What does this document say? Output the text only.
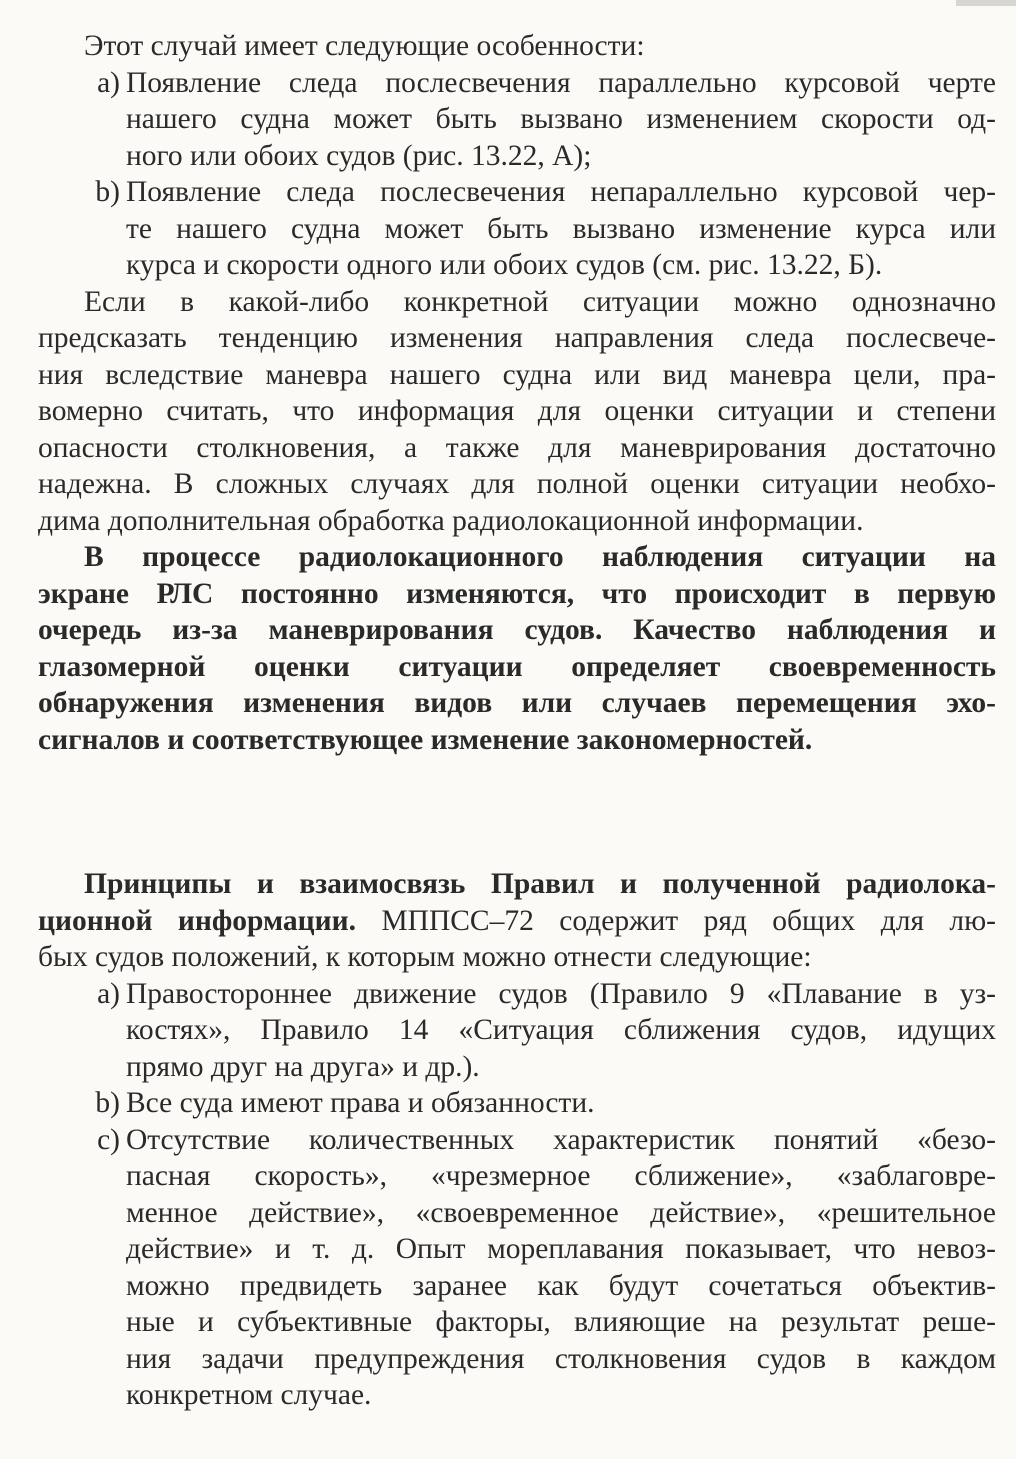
Этот случай имеет следующие особенности:
a) Появление следа послесвечения параллельно курсовой черте
нашего судна может быть вызвано изменением скорости од-
ного или обоих судов (рис. 13.22, А);
b) Появление следа послесвечения непараллельно курсовой чер-
те нашего судна может быть вызвано изменение курса или
курса и скорости одного или обоих судов (см. рис. 13.22, Б).
Если в какой-либо конкретной ситуации можно однозначно
предсказать тенденцию изменения направления следа послесвече-
ния вследствие маневра нашего судна или вид маневра цели, пра-
вомерно считать, что информация для оценки ситуации и степени
опасности столкновения, а также для маневрирования достаточно
надежна. В сложных случаях для полной оценки ситуации необхо-
дима дополнительная обработка радиолокационной информации.
В процессе радиолокационного наблюдения ситуации на
экране РЛС постоянно изменяются, что происходит в первую
очередь из-за маневрирования судов. Качество наблюдения и
глазомерной оценки ситуации определяет своевременность
обнаружения изменения видов или случаев перемещения эхо-
сигналов и соответствующее изменение закономерностей.
Принципы и взаимосвязь Правил и полученной радиолока-
ционной информации. МППСС–72 содержит ряд общих для лю-
бых судов положений, к которым можно отнести следующие:
a) Правостороннее движение судов (Правило 9 «Плавание в уз-
костях», Правило 14 «Ситуация сближения судов, идущих
прямо друг на друга» и др.).
b) Все суда имеют права и обязанности.
c) Отсутствие количественных характеристик понятий «безо-
пасная скорость», «чрезмерное сближение», «заблаговре-
менное действие», «своевременное действие», «решительное
действие» и т. д. Опыт мореплавания показывает, что невоз-
можно предвидеть заранее как будут сочетаться объектив-
ные и субъективные факторы, влияющие на результат реше-
ния задачи предупреждения столкновения судов в каждом
конкретном случае.
